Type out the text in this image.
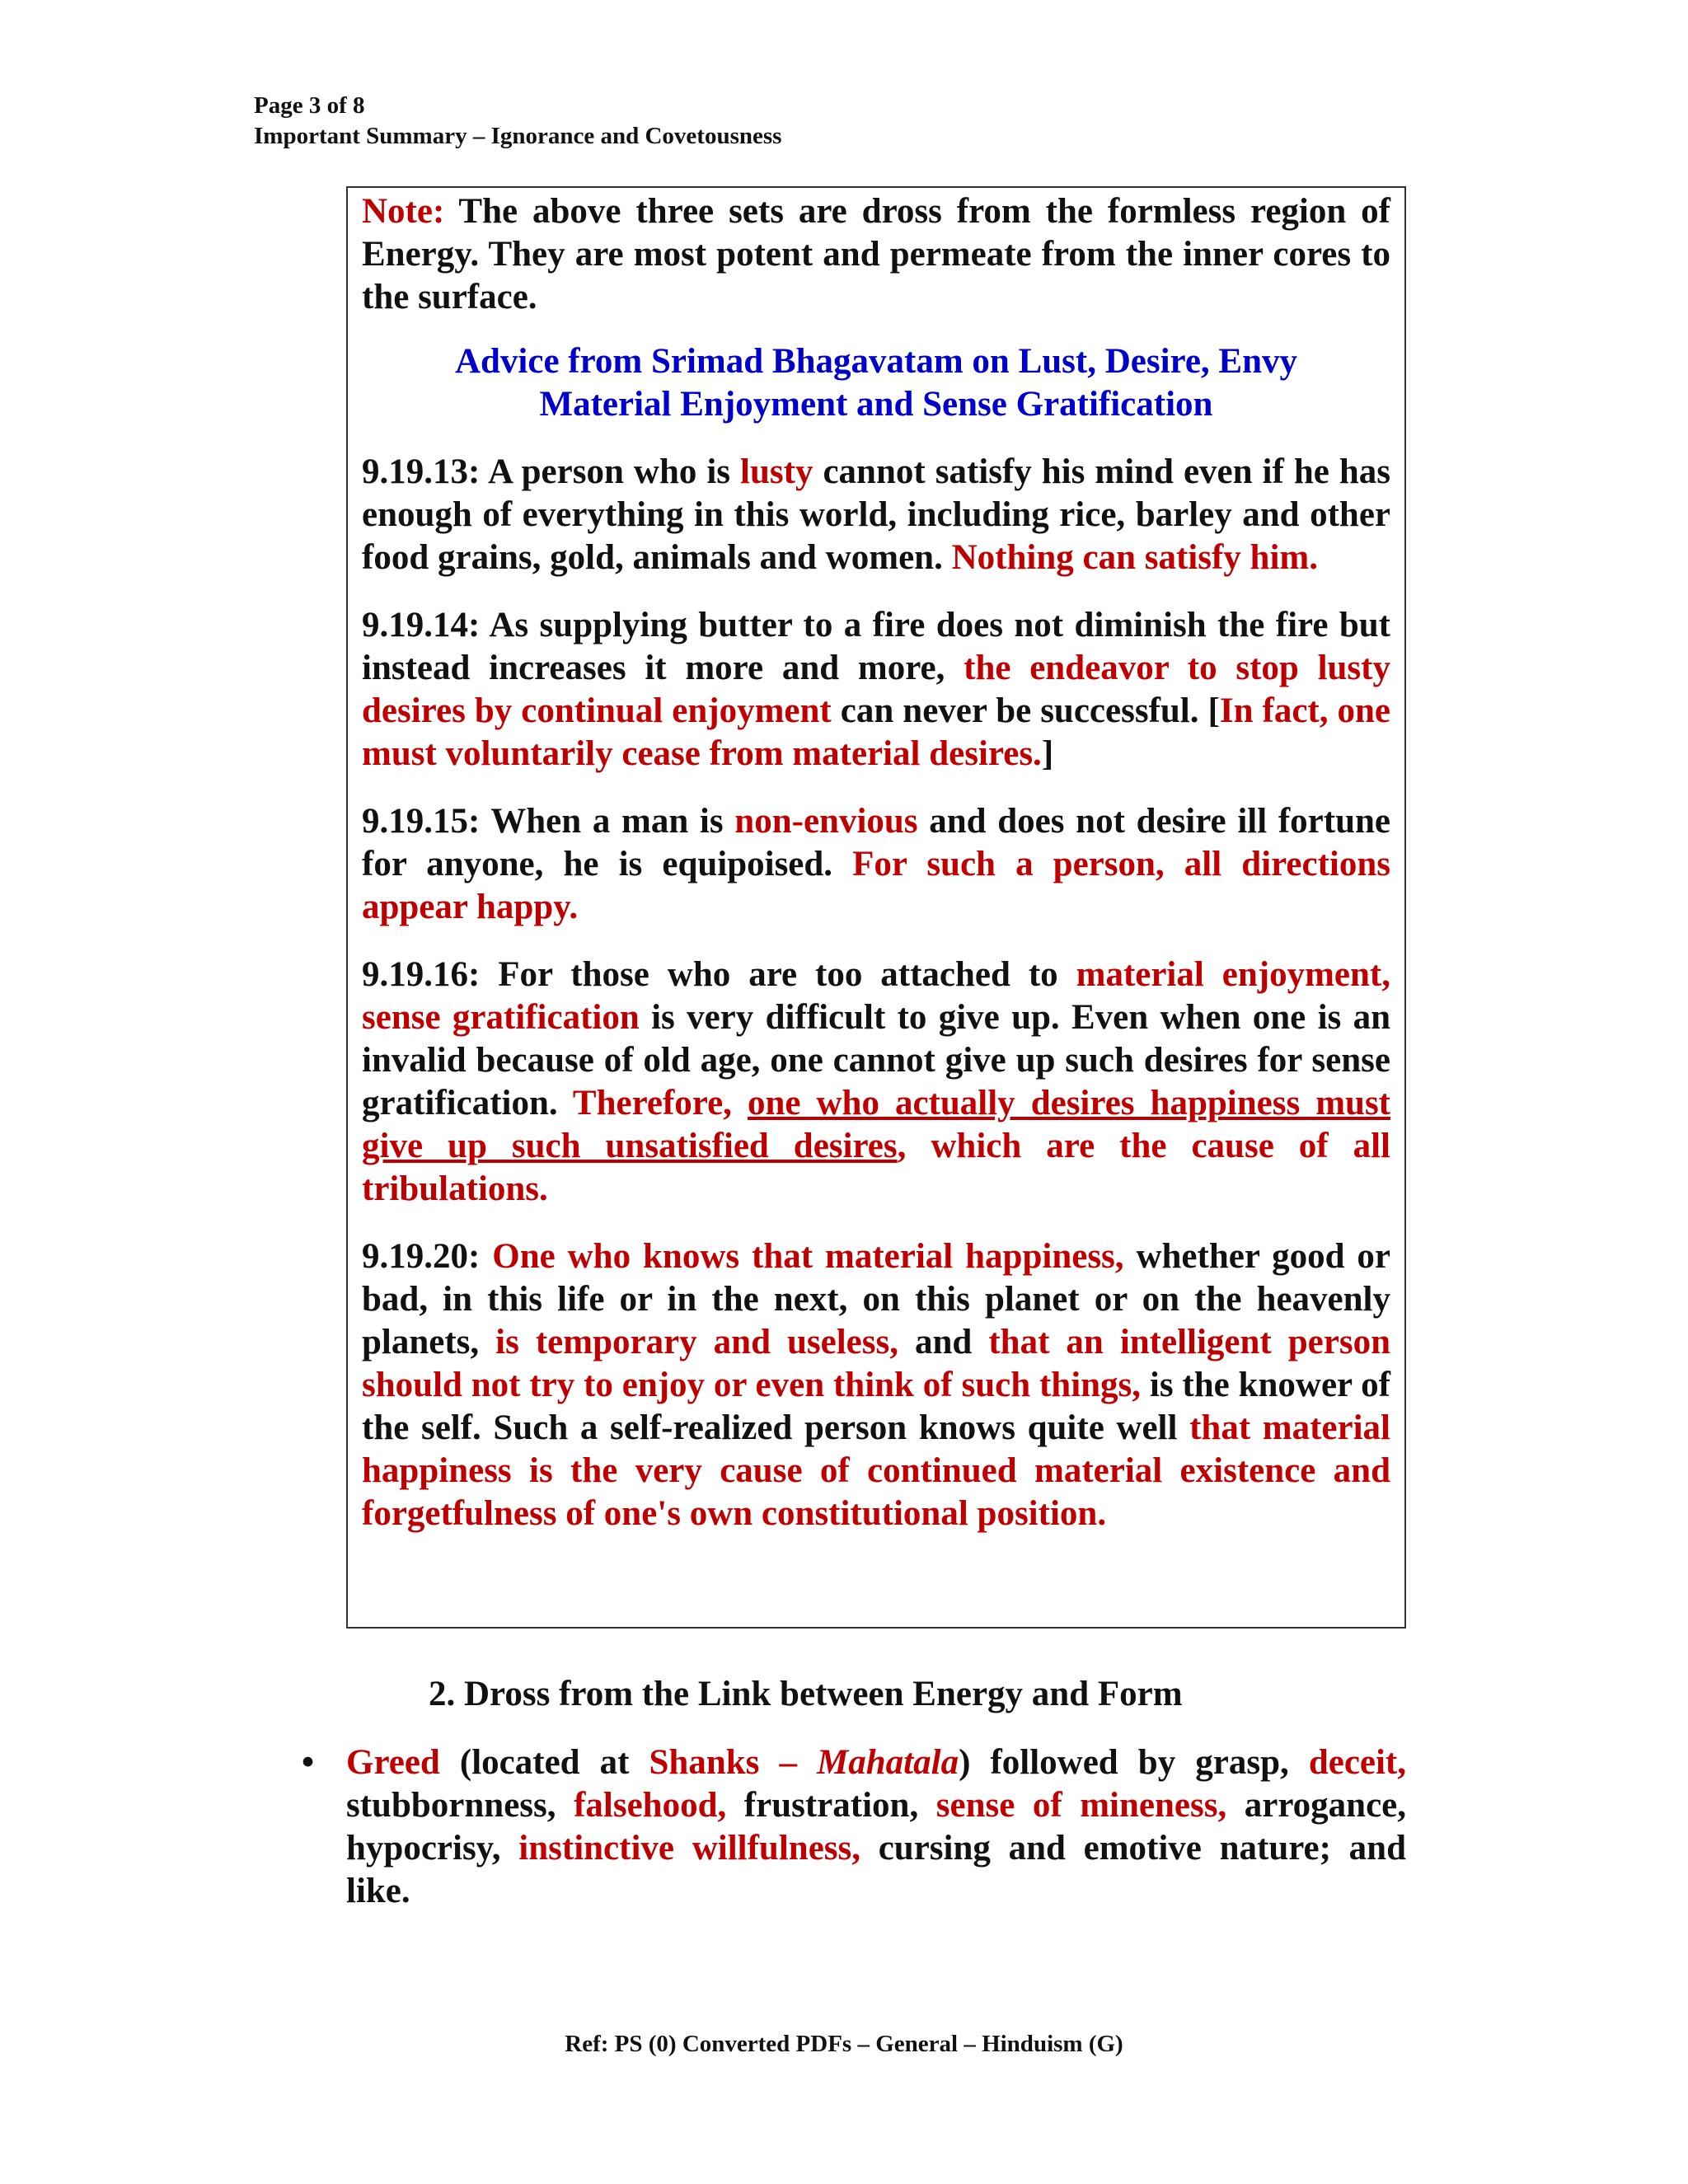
Page 3 of 8
Important Summary – Ignorance and Covetousness

Note: The above three sets are dross from the formless region of Energy. They are most potent and permeate from the inner cores to the surface.

Advice from Srimad Bhagavatam on Lust, Desire, Envy
Material Enjoyment and Sense Gratification

9.19.13: A person who is lusty cannot satisfy his mind even if he has enough of everything in this world, including rice, barley and other food grains, gold, animals and women. Nothing can satisfy him.

9.19.14: As supplying butter to a fire does not diminish the fire but instead increases it more and more, the endeavor to stop lusty desires by continual enjoyment can never be successful. [In fact, one must voluntarily cease from material desires.]

9.19.15: When a man is non-envious and does not desire ill fortune for anyone, he is equipoised. For such a person, all directions appear happy.

9.19.16: For those who are too attached to material enjoyment, sense gratification is very difficult to give up. Even when one is an invalid because of old age, one cannot give up such desires for sense gratification. Therefore, one who actually desires happiness must give up such unsatisfied desires, which are the cause of all tribulations.

9.19.20: One who knows that material happiness, whether good or bad, in this life or in the next, on this planet or on the heavenly planets, is temporary and useless, and that an intelligent person should not try to enjoy or even think of such things, is the knower of the self. Such a self-realized person knows quite well that material happiness is the very cause of continued material existence and forgetfulness of one's own constitutional position.

2. Dross from the Link between Energy and Form
• Greed (located at Shanks – Mahatala) followed by grasp, deceit, stubbornness, falsehood, frustration, sense of mineness, arrogance, hypocrisy, instinctive willfulness, cursing and emotive nature; and like.
Ref: PS (0) Converted PDFs – General – Hinduism (G)
